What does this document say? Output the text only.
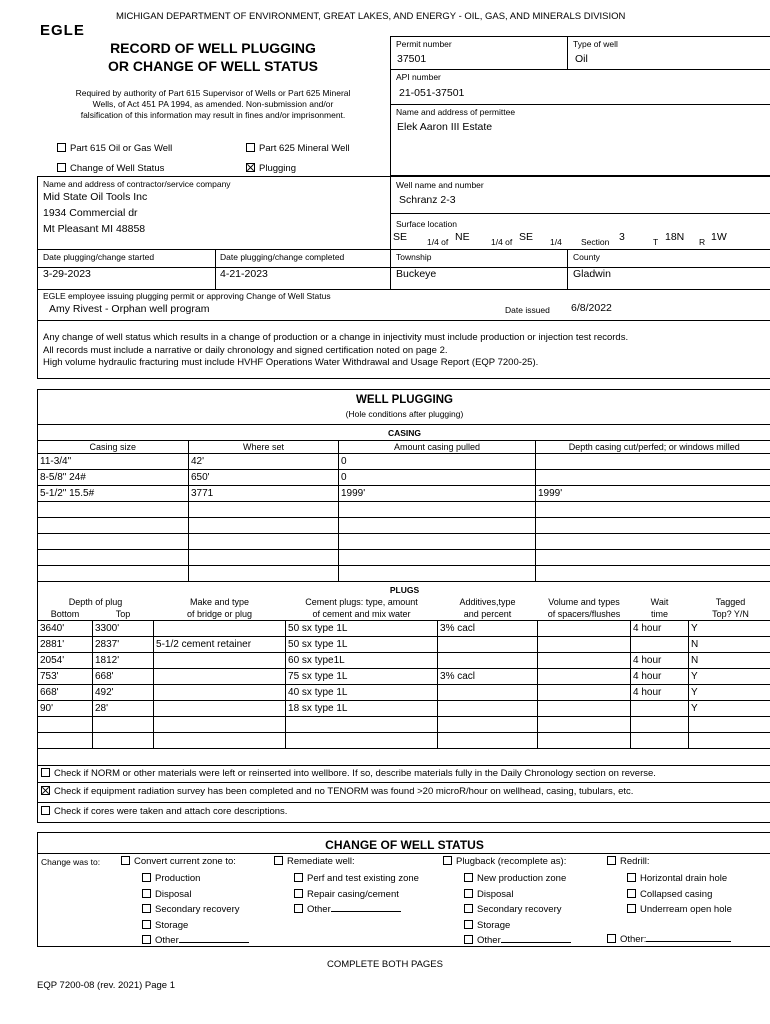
MICHIGAN DEPARTMENT OF ENVIRONMENT, GREAT LAKES, AND ENERGY - OIL, GAS, AND MINERALS DIVISION
EGLE
RECORD OF WELL PLUGGING
OR CHANGE OF WELL STATUS
Required by authority of Part 615 Supervisor of Wells or Part 625 Mineral
Wells, of Act 451 PA 1994, as amended. Non-submission and/or
falsification of this information may result in fines and/or imprisonment.
Part 615 Oil or Gas Well	Part 625 Mineral Well
Change of Well Status	Plugging
Permit number
37501
Type of well
Oil
API number
21-051-37501
Name and address of permittee
Elek Aaron III Estate
Name and address of contractor/service company
Mid State Oil Tools Inc
1934 Commercial dr
Mt Pleasant MI 48858
Well name and number
Schranz 2-3
Surface location
SE 1/4 of NE	1/4 of SE 1/4 Section 3	T 18N R 1W
Date plugging/change started
3-29-2023
Date plugging/change completed
4-21-2023
Township
Buckeye
County
Gladwin
EGLE employee issuing plugging permit or approving Change of Well Status
Amy Rivest - Orphan well program	Date issued 6/8/2022
Any change of well status which results in a change of production or a change in injectivity must include production or injection test records.
All records must include a narrative or daily chronology and signed certification noted on page 2.
High volume hydraulic fracturing must include HVHF Operations Water Withdrawal and Usage Report (EQP 7200-25).
WELL PLUGGING
(Hole conditions after plugging)
CASING
Casing size	Where set	Amount casing pulled	Depth casing cut/perfed; or windows milled
11-3/4"	42'	0	
8-5/8" 24#	650'	0	
5-1/2" 15.5#	3771	1999'	1999'

PLUGS
Depth of plug		Make and type	Cement plugs: type, amount	Additives,type	Volume and types	Wait	Tagged
Bottom	Top	of bridge or plug	of cement and mix water	and percent	of spacers/flushes	time	Top? Y/N
3640'	3300'		50 sx type 1L	3% cacl		4 hour	Y
2881'	2837'	5-1/2 cement retainer	50 sx type 1L				N
2054'	1812'		60 sx type1L			4 hour	N
753'	668'		75 sx type 1L	3% cacl		4 hour	Y
668'	492'		40 sx type 1L			4 hour	Y
90'	28'		18 sx type 1L				Y

Check if NORM or other materials were left or reinserted into wellbore. If so, describe materials fully in the Daily Chronology section on reverse.
Check if equipment radiation survey has been completed and no TENORM was found >20 microR/hour on wellhead, casing, tubulars, etc.
Check if cores were taken and attach core descriptions.
CHANGE OF WELL STATUS
Change was to:	Convert current zone to:
Production
Disposal
Secondary recovery
Storage
Other
Remediate well:
Perf and test existing zone
Repair casing/cement
Other
Plugback (recomplete as):
New production zone
Disposal
Secondary recovery
Storage
Other
Redrill:
Horizontal drain hole
Collapsed casing
Underream open hole
Other:
COMPLETE BOTH PAGES
EQP 7200-08 (rev. 2021) Page 1
